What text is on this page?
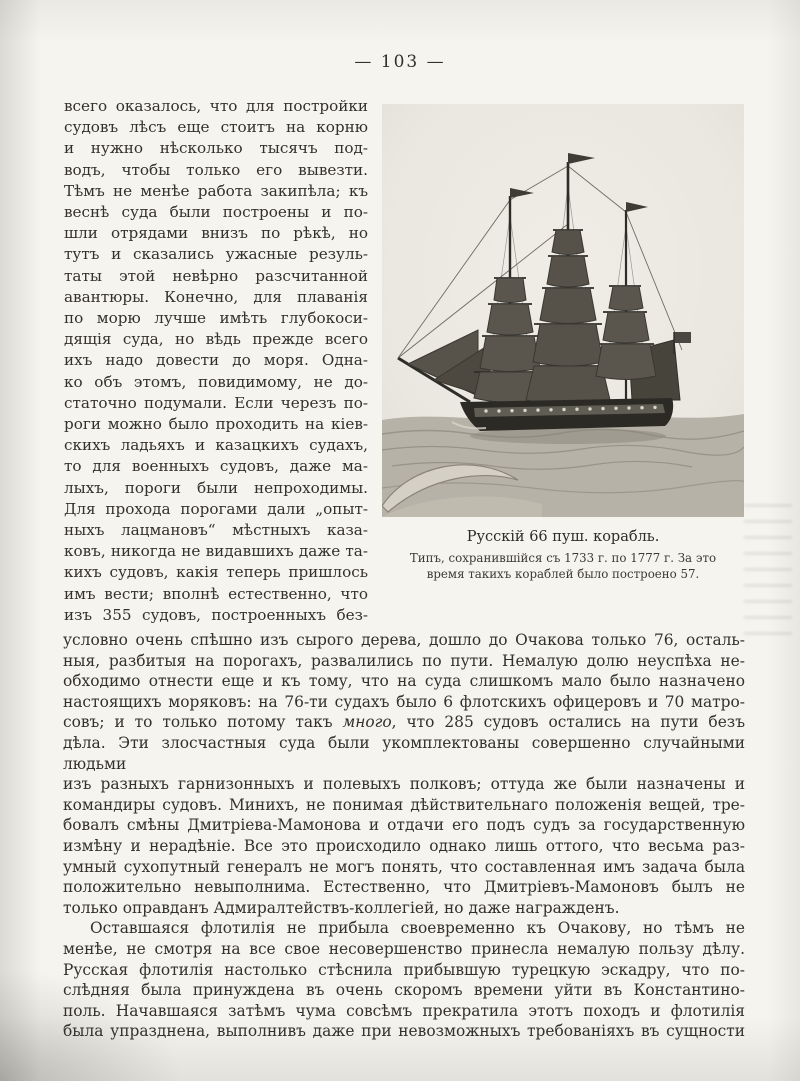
— 103 —
всего оказалось, что для постройки
судовъ лѣсъ еще стоитъ на корню
и нужно нѣсколько тысячъ под-
водъ, чтобы только его вывезти.
Тѣмъ не менѣе работа закипѣла; къ
веснѣ суда были построены и по-
шли отрядами внизъ по рѣкѣ, но
тутъ и сказались ужасные резуль-
таты этой невѣрно разсчитанной
авантюры. Конечно, для плаванія
по морю лучше имѣть глубокоси-
дящія суда, но вѣдь прежде всего
ихъ надо довести до моря. Одна-
ко объ этомъ, повидимому, не до-
статочно подумали. Если черезъ по-
роги можно было проходить на кіев-
скихъ ладьяхъ и казацкихъ судахъ,
то для военныхъ судовъ, даже ма-
лыхъ, пороги были непроходимы.
Для прохода порогами дали „опыт-
ныхъ лацмановъ“ мѣстныхъ каза-
ковъ, никогда не видавшихъ даже та-
кихъ судовъ, какія теперь пришлось
имъ вести; вполнѣ естественно, что
изъ 355 судовъ, построенныхъ без-
Русскій 66 пуш. корабль.
Типъ, сохранившійся съ 1733 г. по 1777 г. За это время такихъ кораблей было построено 57.
условно очень спѣшно изъ сырого дерева, дошло до Очакова только 76, осталь-
ныя, разбитыя на порогахъ, развалились по пути. Немалую долю неуспѣха не-
обходимо отнести еще и къ тому, что на суда слишкомъ мало было назначено
настоящихъ моряковъ: на 76-ти судахъ было 6 флотскихъ офицеровъ и 70 матро-
совъ; и то только потому такъ много, что 285 судовъ остались на пути безъ
дѣла. Эти злосчастныя суда были укомплектованы совершенно случайными людьми
изъ разныхъ гарнизонныхъ и полевыхъ полковъ; оттуда же были назначены и
командиры судовъ. Минихъ, не понимая дѣйствительнаго положенія вещей, тре-
бовалъ смѣны Дмитріева-Мамонова и отдачи его подъ судъ за государственную
измѣну и нерадѣніе. Все это происходило однако лишь оттого, что весьма раз-
умный сухопутный генералъ не могъ понять, что составленная имъ задача была
положительно невыполнима. Естественно, что Дмитріевъ-Мамоновъ былъ не
только оправданъ Адмиралтействъ-коллегіей, но даже награжденъ.
Оставшаяся флотилія не прибыла своевременно къ Очакову, но тѣмъ не
менѣе, не смотря на все свое несовершенство принесла немалую пользу дѣлу.
Русская флотилія настолько стѣснила прибывшую турецкую эскадру, что по-
слѣдняя была принуждена въ очень скоромъ времени уйти въ Константино-
поль. Начавшаяся затѣмъ чума совсѣмъ прекратила этотъ походъ и флотилія
была упразднена, выполнивъ даже при невозможныхъ требованіяхъ въ сущности
